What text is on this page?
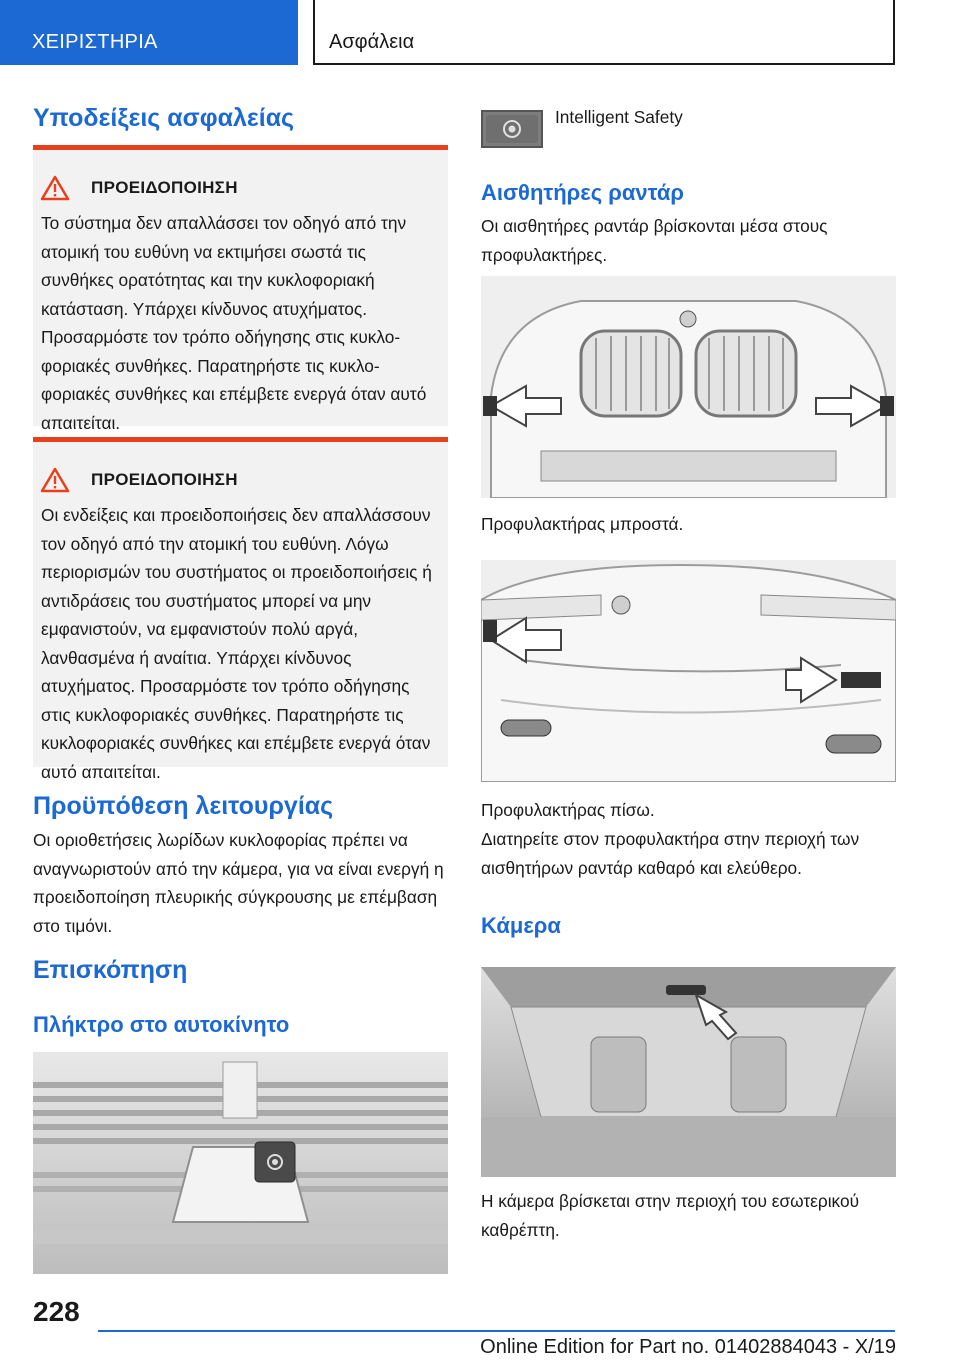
ΧΕΙΡΙΣΤΗΡΙΑ	Ασφάλεια
Υποδείξεις ασφαλείας
ΠΡΟΕΙΔΟΠΟΙΗΣΗ
Το σύστημα δεν απαλλάσσει τον οδηγό από την ατομική του ευθύνη να εκτιμήσει σωστά τις συνθήκες ορατότητας και την κυκλοφοριακή κατάσταση. Υπάρχει κίνδυνος ατυχήματος. Προσαρμόστε τον τρόπο οδήγησης στις κυκλοφοριακές συνθήκες. Παρατηρήστε τις κυκλοφοριακές συνθήκες και επέμβετε ενεργά όταν αυτό απαιτείται.
ΠΡΟΕΙΔΟΠΟΙΗΣΗ
Οι ενδείξεις και προειδοποιήσεις δεν απαλλάσσουν τον οδηγό από την ατομική του ευθύνη. Λόγω περιορισμών του συστήματος οι προειδοποιήσεις ή αντιδράσεις του συστήματος μπορεί να μην εμφανιστούν, να εμφανιστούν πολύ αργά, λανθασμένα ή αναίτια. Υπάρχει κίνδυνος ατυχήματος. Προσαρμόστε τον τρόπο οδήγησης στις κυκλοφοριακές συνθήκες. Παρατηρήστε τις κυκλοφοριακές συνθήκες και επέμβετε ενεργά όταν αυτό απαιτείται.
Προϋπόθεση λειτουργίας

Οι οριοθετήσεις λωρίδων κυκλοφορίας πρέπει να αναγνωριστούν από την κάμερα, για να είναι ενεργή η προειδοποίηση πλευρικής σύγκρουσης με επέμβαση στο τιμόνι.

Επισκόπηση
Πλήκτρο στο αυτοκίνητο
Intelligent Safety
Αισθητήρες ραντάρ

Οι αισθητήρες ραντάρ βρίσκονται μέσα στους προφυλακτήρες.

Προφυλακτήρας μπροστά.

Προφυλακτήρας πίσω.

Διατηρείτε στον προφυλακτήρα στην περιοχή των αισθητήρων ραντάρ καθαρό και ελεύθερο.

Κάμερα

Η κάμερα βρίσκεται στην περιοχή του εσωτερικού καθρέπτη.

228
Online Edition for Part no. 01402884043 - X/19
